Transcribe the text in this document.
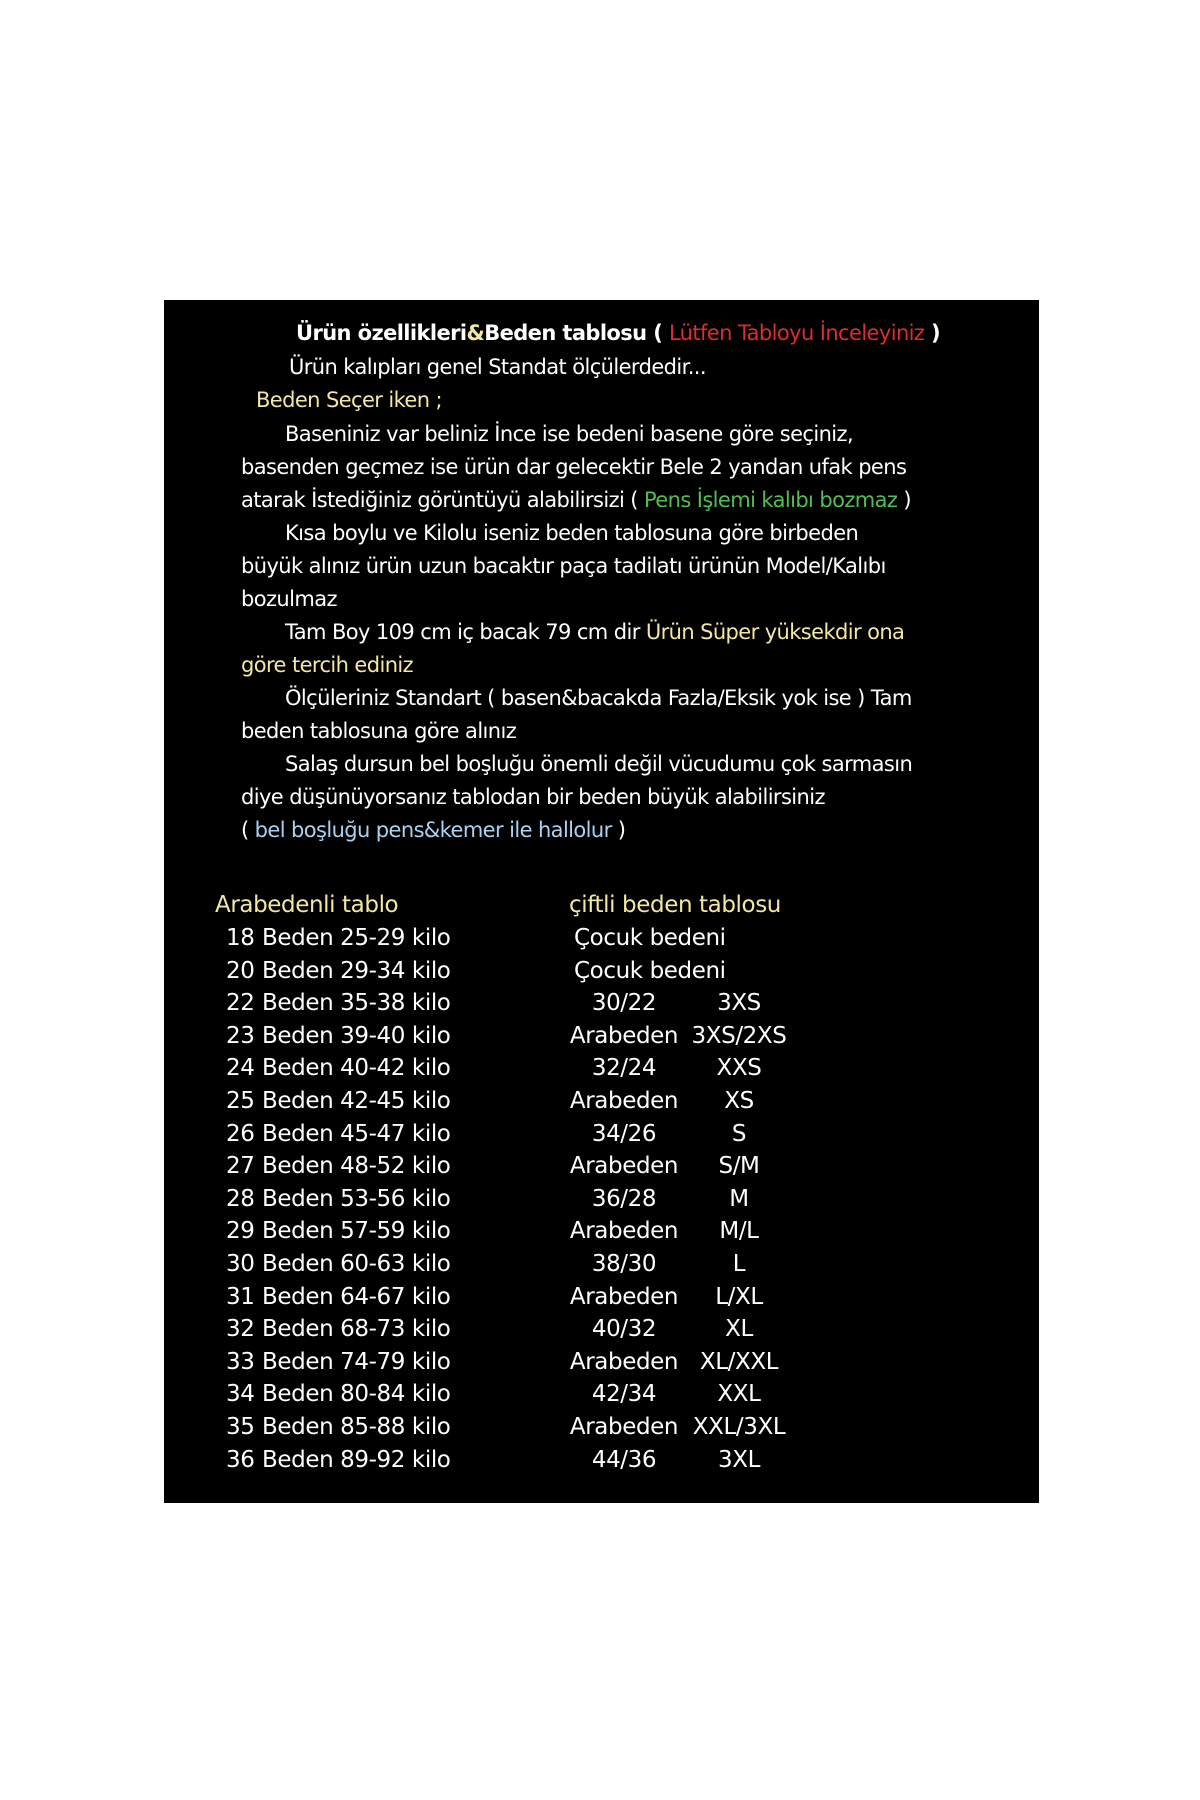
Ürün özellikleri&Beden tablosu ( Lütfen Tabloyu İnceleyiniz )
Ürün kalıpları genel Standat ölçülerdedir...
Beden Seçer iken ;
Baseniniz var beliniz İnce ise bedeni basene göre seçiniz,
basenden geçmez ise ürün dar gelecektir Bele 2 yandan ufak pens
atarak İstediğiniz görüntüyü alabilirsizi ( Pens İşlemi kalıbı bozmaz )
Kısa boylu ve Kilolu iseniz beden tablosuna göre birbeden
büyük alınız ürün uzun bacaktır paça tadilatı ürünün Model/Kalıbı
bozulmaz
Tam Boy 109 cm iç bacak 79 cm dir Ürün Süper yüksekdir ona
göre tercih ediniz
Ölçüleriniz Standart ( basen&bacakda Fazla/Eksik yok ise ) Tam
beden tablosuna göre alınız
Salaş dursun bel boşluğu önemli değil vücudumu çok sarmasın
diye düşünüyorsanız tablodan bir beden büyük alabilirsiniz
( bel boşluğu pens&kemer ile hallolur )
Arabedenli tablo	çiftli beden tablosu
18 Beden 25-29 kilo	Çocuk bedeni
20 Beden 29-34 kilo	Çocuk bedeni
22 Beden 35-38 kilo	30/22	3XS
23 Beden 39-40 kilo	Arabeden 3XS/2XS
24 Beden 40-42 kilo	32/24	XXS
25 Beden 42-45 kilo	Arabeden	XS
26 Beden 45-47 kilo	34/26	S
27 Beden 48-52 kilo	Arabeden	S/M
28 Beden 53-56 kilo	36/28	M
29 Beden 57-59 kilo	Arabeden	M/L
30 Beden 60-63 kilo	38/30	L
31 Beden 64-67 kilo	Arabeden	L/XL
32 Beden 68-73 kilo	40/32	XL
33 Beden 74-79 kilo	Arabeden XL/XXL
34 Beden 80-84 kilo	42/34	XXL
35 Beden 85-88 kilo	Arabeden XXL/3XL
36 Beden 89-92 kilo	44/36	3XL
